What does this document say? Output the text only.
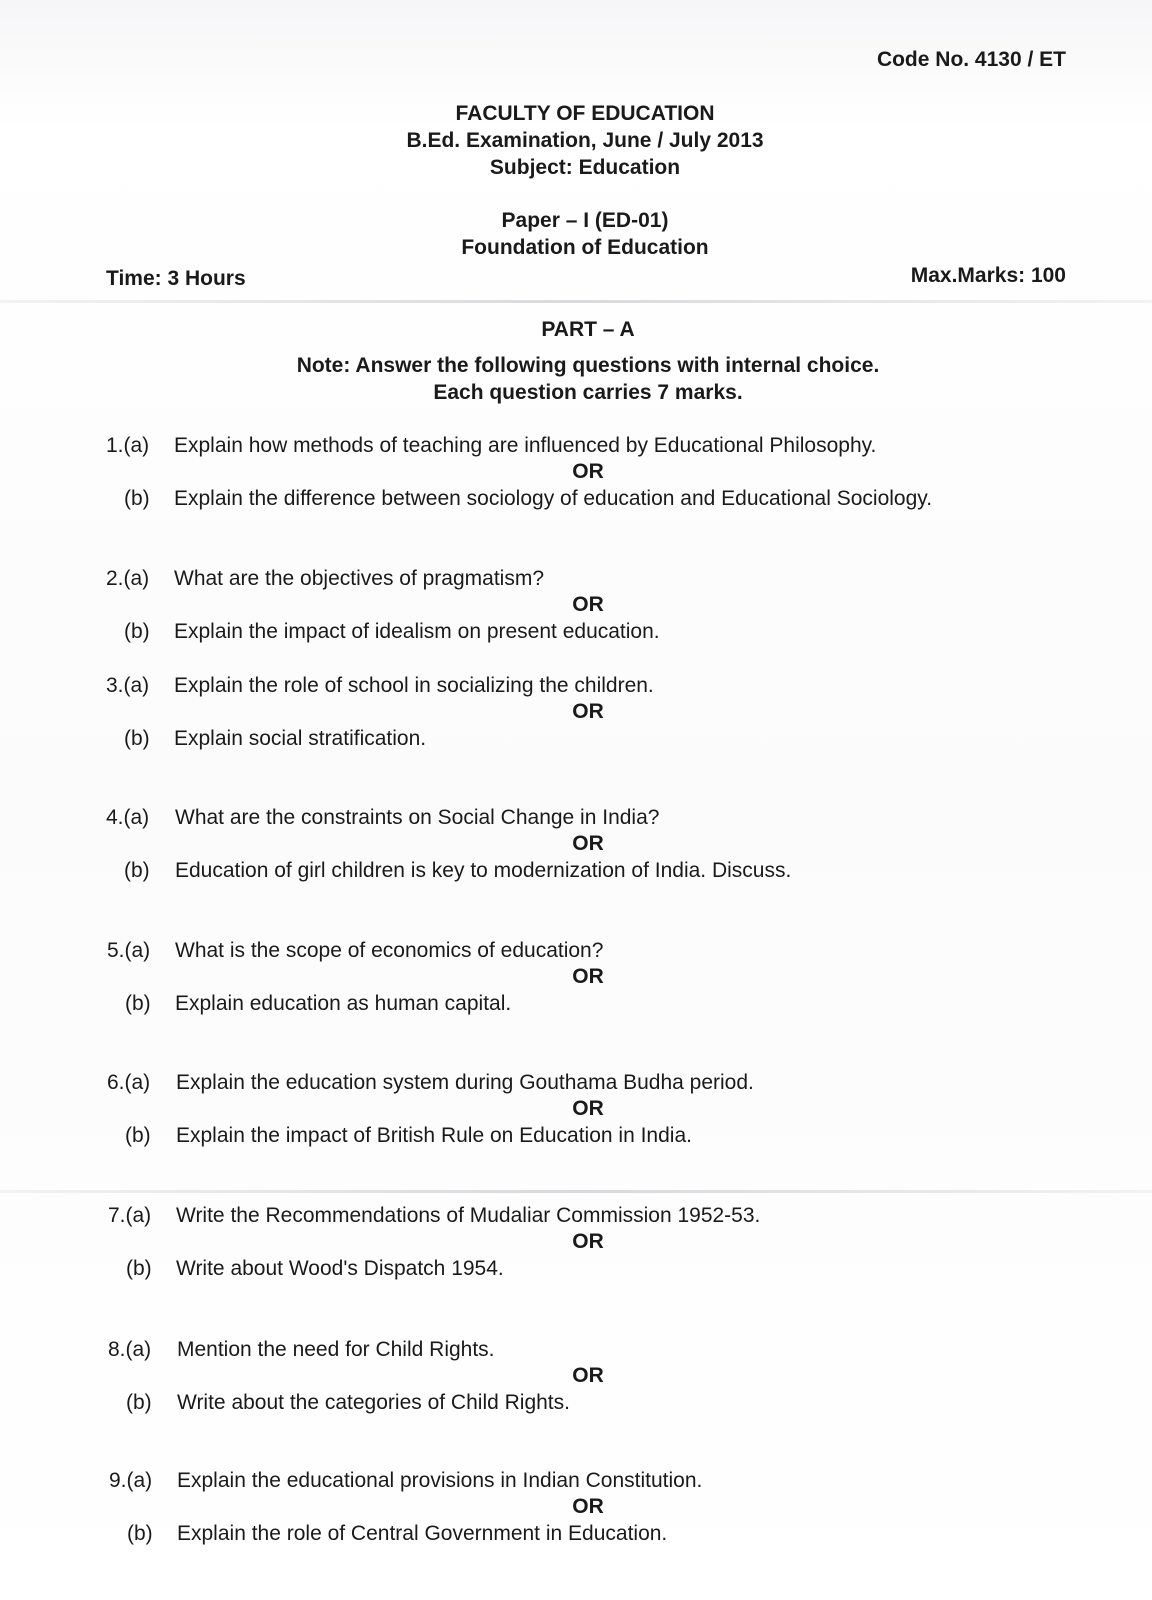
Code No. 4130 / ET
FACULTY OF EDUCATION
B.Ed. Examination, June / July 2013
Subject: Education
Paper – I (ED-01)
Foundation of Education
Time: 3 Hours	Max.Marks: 100
PART – A
Note: Answer the following questions with internal choice.
Each question carries 7 marks.
1.(a)	Explain how methods of teaching are influenced by Educational Philosophy.
OR
(b)	Explain the difference between sociology of education and Educational Sociology.
2.(a)	What are the objectives of pragmatism?
OR
(b)	Explain the impact of idealism on present education.
3.(a)	Explain the role of school in socializing the children.
OR
(b)	Explain social stratification.
4.(a)	What are the constraints on Social Change in India?
OR
(b)	Education of girl children is key to modernization of India. Discuss.
5.(a)	What is the scope of economics of education?
OR
(b)	Explain education as human capital.
6.(a)	Explain the education system during Gouthama Budha period.
OR
(b)	Explain the impact of British Rule on Education in India.
7.(a)	Write the Recommendations of Mudaliar Commission 1952-53.
OR
(b)	Write about Wood's Dispatch 1954.
8.(a)	Mention the need for Child Rights.
OR
(b)	Write about the categories of Child Rights.
9.(a)	Explain the educational provisions in Indian Constitution.
OR
(b)	Explain the role of Central Government in Education.
